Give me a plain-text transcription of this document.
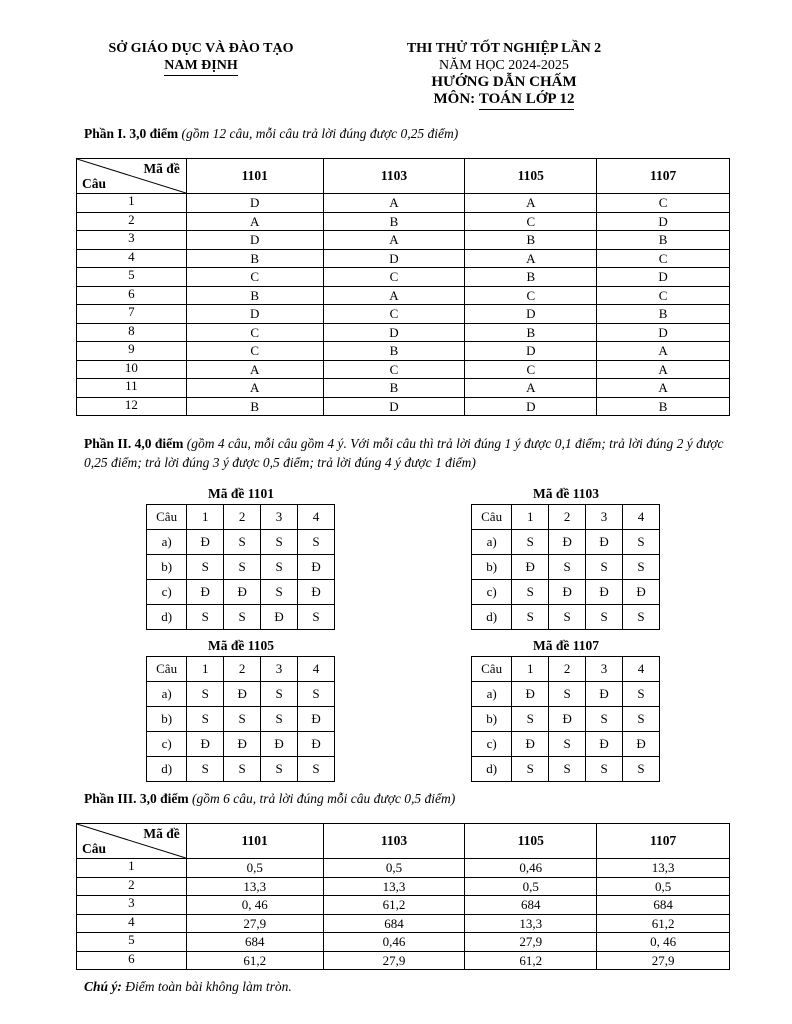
SỞ GIÁO DỤC VÀ ĐÀO TẠO
NAM ĐỊNH
THI THỬ TỐT NGHIỆP LẦN 2
NĂM HỌC 2024-2025
HƯỚNG DẪN CHẤM
MÔN: TOÁN LỚP 12
Phần I. 3,0 điểm (gồm 12 câu, mỗi câu trả lời đúng được 0,25 điểm)
Mã đề
Câu	1101	1103	1105	1107
1	D	A	A	C
2	A	B	C	D
3	D	A	B	B
4	B	D	A	C
5	C	C	B	D
6	B	A	C	C
7	D	C	D	B
8	C	D	B	D
9	C	B	D	A
10	A	C	C	A
11	A	B	A	A
12	B	D	D	B
Phần II. 4,0 điểm (gồm 4 câu, mỗi câu gồm 4 ý. Với mỗi câu thì trả lời đúng 1 ý được 0,1 điểm; trả lời đúng 2 ý được 0,25 điểm; trả lời đúng 3 ý được 0,5 điểm; trả lời đúng 4 ý được 1 điểm)
Mã đề 1101
Câu	1	2	3	4
a)	Đ	S	S	S
b)	S	S	S	Đ
c)	Đ	Đ	S	Đ
d)	S	S	Đ	S
Mã đề 1103
Câu	1	2	3	4
a)	S	Đ	Đ	S
b)	Đ	S	S	S
c)	S	Đ	Đ	Đ
d)	S	S	S	S
Mã đề 1105
Câu	1	2	3	4
a)	S	Đ	S	S
b)	S	S	S	Đ
c)	Đ	Đ	Đ	Đ
d)	S	S	S	S
Mã đề 1107
Câu	1	2	3	4
a)	Đ	S	Đ	S
b)	S	Đ	S	S
c)	Đ	S	Đ	Đ
d)	S	S	S	S
Phần III. 3,0 điểm (gồm 6 câu, trả lời đúng mỗi câu được 0,5 điểm)
Mã đề
Câu	1101	1103	1105	1107
1	0,5	0,5	0,46	13,3
2	13,3	13,3	0,5	0,5
3	0, 46	61,2	684	684
4	27,9	684	13,3	61,2
5	684	0,46	27,9	0, 46
6	61,2	27,9	61,2	27,9
Chú ý: Điểm toàn bài không làm tròn.
